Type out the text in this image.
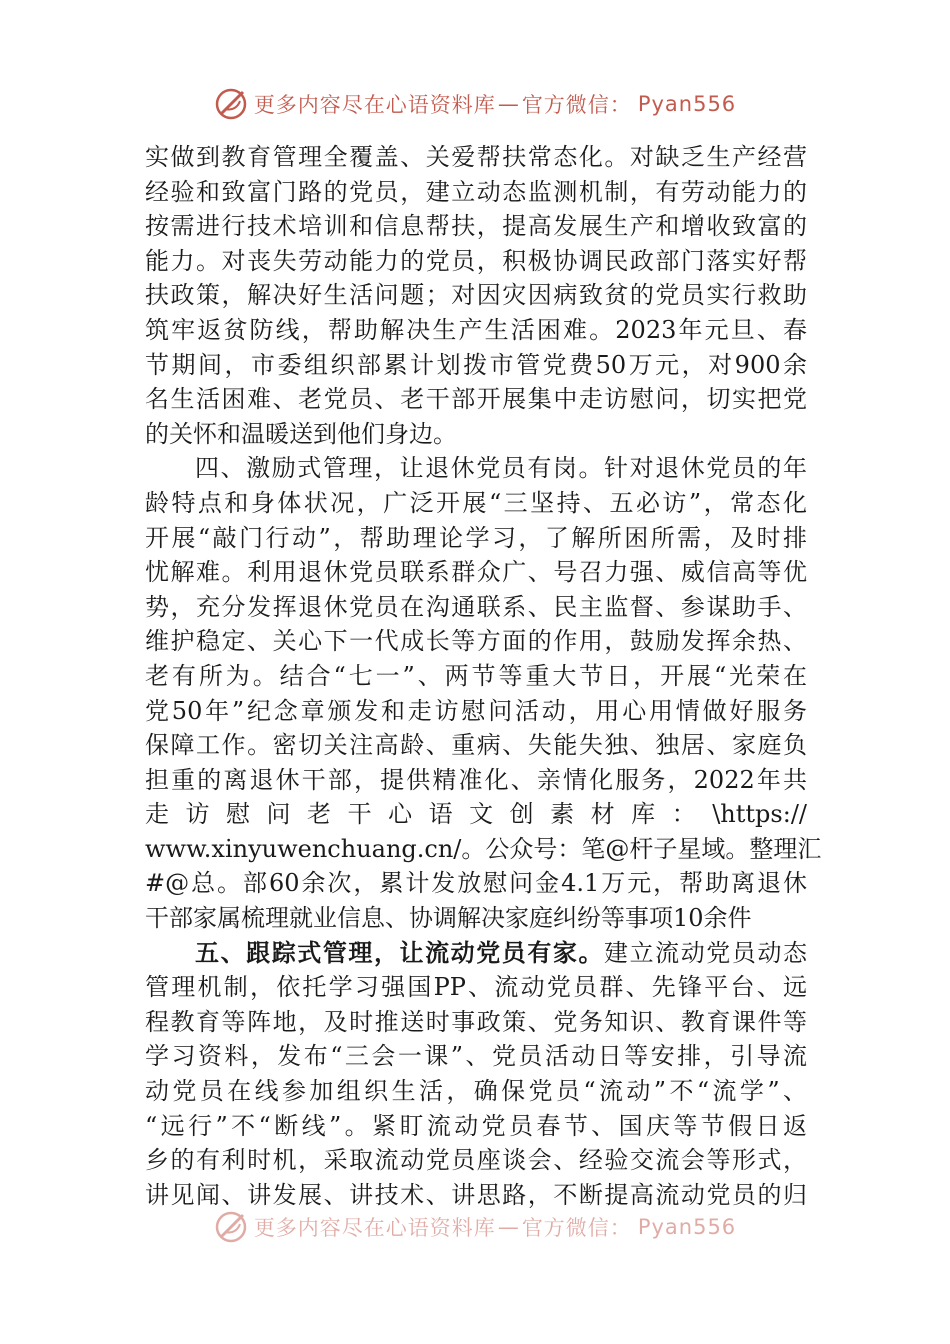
更多内容尽在心语资料库 — 官方微信： Pyan556
实做到教育管理全覆盖、关爱帮扶常态化。对缺乏生产经营
经验和致富门路的党员，建立动态监测机制，有劳动能力的
按需进行技术培训和信息帮扶，提高发展生产和增收致富的
能力。对丧失劳动能力的党员，积极协调民政部门落实好帮
扶政策，解决好生活问题；对因灾因病致贫的党员实行救助
筑牢返贫防线，帮助解决生产生活困难。2023年元旦、春
节期间，市委组织部累计划拨市管党费50万元，对900余
名生活困难、老党员、老干部开展集中走访慰问，切实把党
的关怀和温暖送到他们身边。
四、激励式管理，让退休党员有岗。针对退休党员的年
龄特点和身体状况，广泛开展“三坚持、五必访”，常态化
开展“敲门行动”，帮助理论学习，了解所困所需，及时排
忧解难。利用退休党员联系群众广、号召力强、威信高等优
势，充分发挥退休党员在沟通联系、民主监督、参谋助手、
维护稳定、关心下一代成长等方面的作用，鼓励发挥余热、
老有所为。结合“七一”、两节等重大节日，开展“光荣在
党50年”纪念章颁发和走访慰问活动，用心用情做好服务
保障工作。密切关注高龄、重病、失能失独、独居、家庭负
担重的离退休干部，提供精准化、亲情化服务，2022年共
走访慰问老干心语文创素材库：\https://
www.xinyuwenchuang.cn/。公众号：笔@杆子星域。整理汇
#@总。部60余次，累计发放慰问金4.1万元，帮助离退休
干部家属梳理就业信息、协调解决家庭纠纷等事项10余件
五、跟踪式管理，让流动党员有家。建立流动党员动态
管理机制，依托学习强国PP、流动党员群、先锋平台、远
程教育等阵地，及时推送时事政策、党务知识、教育课件等
学习资料，发布“三会一课”、党员活动日等安排，引导流
动党员在线参加组织生活，确保党员“流动”不“流学”、
“远行”不“断线”。紧盯流动党员春节、国庆等节假日返
乡的有利时机，采取流动党员座谈会、经验交流会等形式，
讲见闻、讲发展、讲技术、讲思路，不断提高流动党员的归
更多内容尽在心语资料库 — 官方微信： Pyan556
